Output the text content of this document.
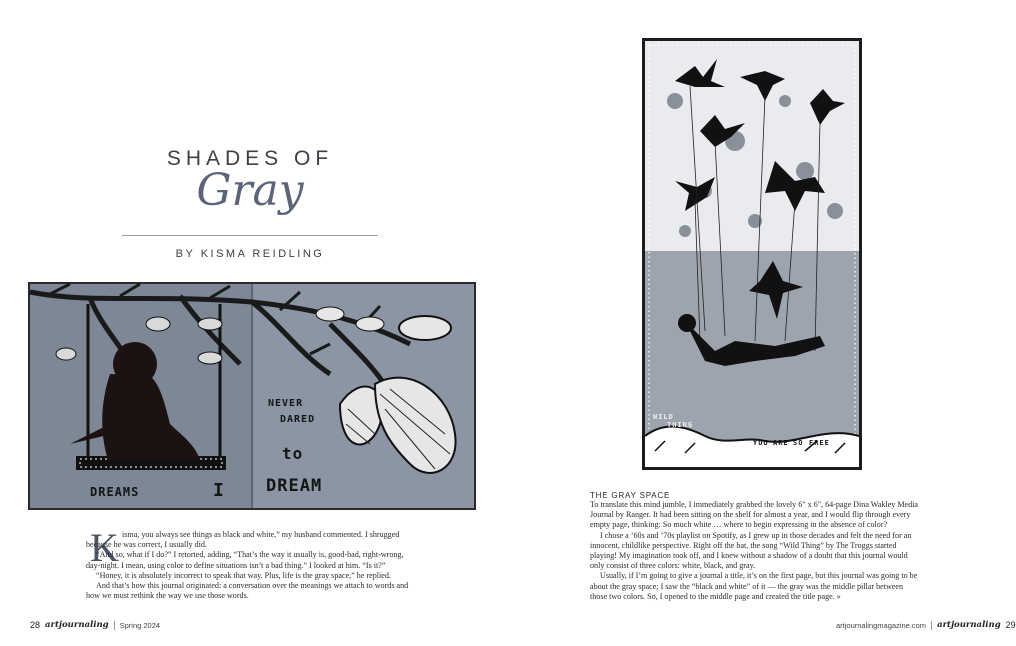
SHADES OF
Gray
BY KISMA REIDLING
DREAMS	I
NEVER
DARED
to
DREAM
K isma, you always see things as black and white,” my husband commented. I shrugged because he was correct, I usually did.

“And so, what if I do?” I retorted, adding, “That’s the way it usually is, good-bad, right-wrong, day-night. I mean, using color to define situations isn’t a bad thing.” I looked at him. “Is it?”

“Honey, it is absolutely incorrect to speak that way. Plus, life is the gray space,” he replied.

And that’s how this journal originated: a conversation over the meanings we attach to words and how we must rethink the way we use those words.

28 artjournaling Spring 2024
WILD
THING
YOU ARE SO FREE
THE GRAY SPACE

To translate this mind jumble, I immediately grabbed the lovely 6" x 6", 64-page Dina Wakley Media Journal by Ranger. It had been sitting on the shelf for almost a year, and I would flip through every empty page, thinking: So much white … where to begin expressing in the absence of color?

I chose a ’60s and ’70s playlist on Spotify, as I grew up in those decades and felt the need for an innocent, childlike perspective. Right off the bat, the song “Wild Thing” by The Troggs started playing! My imagination took off, and I knew without a shadow of a doubt that this journal would only consist of three colors: white, black, and gray.

Usually, if I’m going to give a journal a title, it’s on the first page, but this journal was going to be about the gray space; I saw the “black and white” of it — the gray was the middle pillar between those two colors. So, I opened to the middle page and created the title page. »

artjournalingmagazine.com artjournaling 29
